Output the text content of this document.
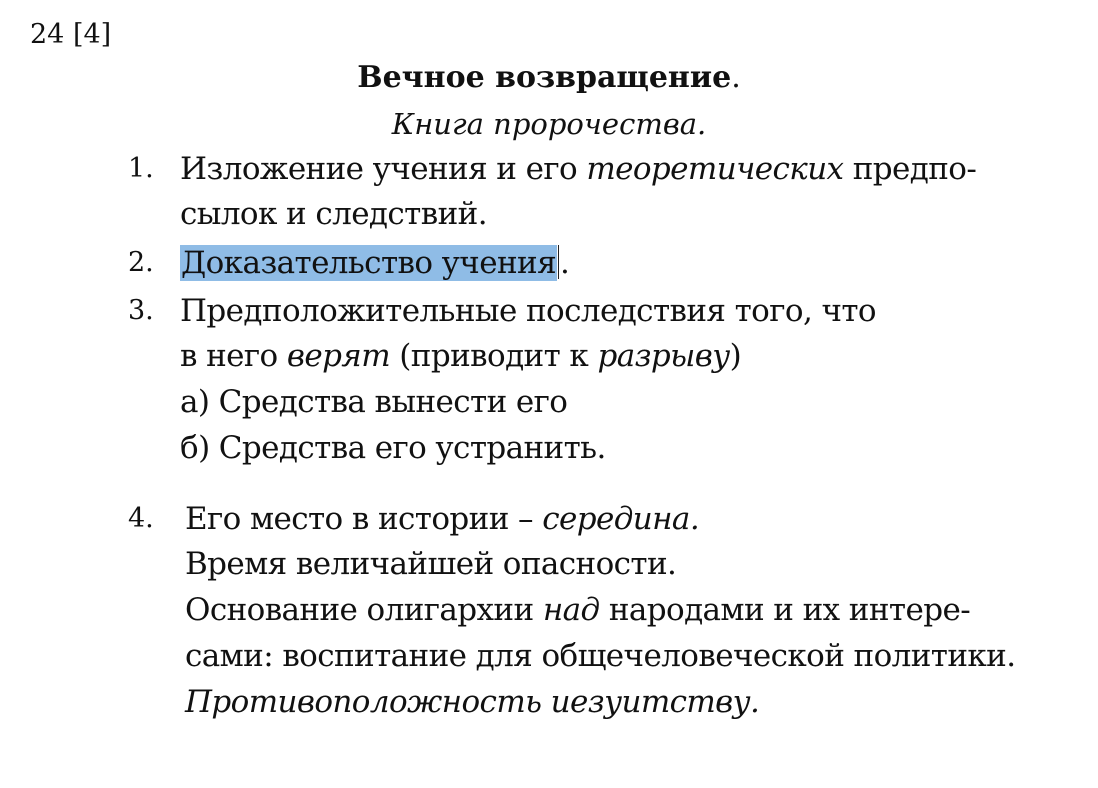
24 [4]
Вечное возвращение.
Книга пророчества.
1. Изложение учения и его теоретических предпо-
сылок и следствий.
2. Доказательство учения .
3. Предположительные последствия того, что
в него верят (приводит к разрыву)
а) Средства вынести его
б) Средства его устранить.
4. Его место в истории – середина.
Время величайшей опасности.
Основание олигархии над народами и их интере-
сами: воспитание для общечеловеческой политики.
Противоположность иезуитству.
